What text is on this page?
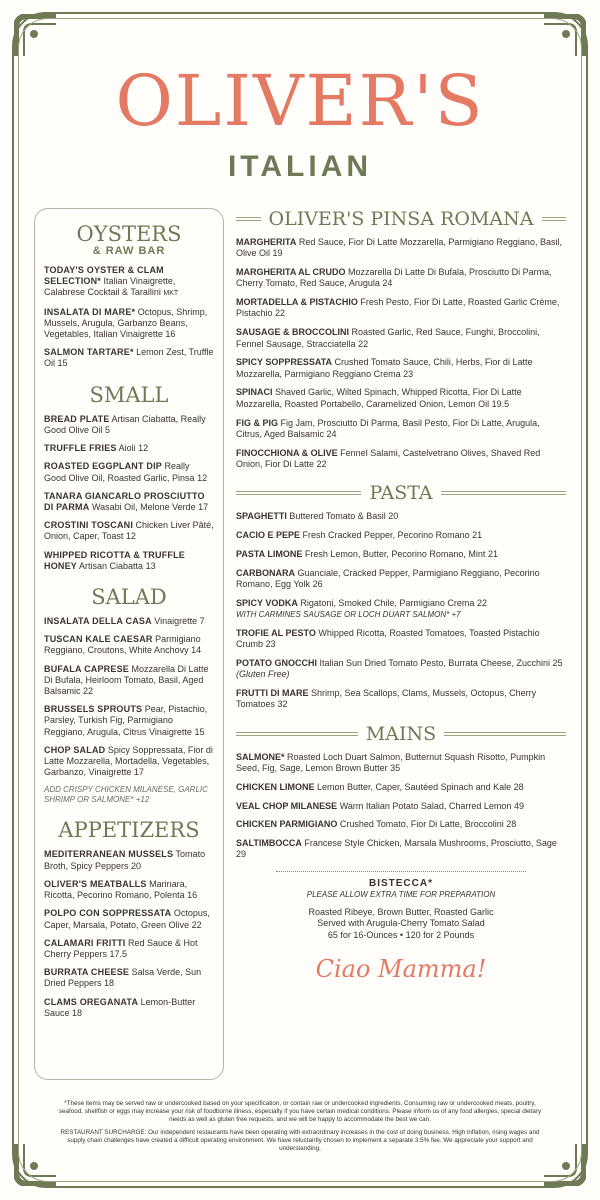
OLIVER'S
ITALIAN
OYSTERS
& RAW BAR
TODAY'S OYSTER & CLAM SELECTION* Italian Vinaigrette, Calabrese Cocktail & Tarallini MKT
INSALATA DI MARE* Octopus, Shrimp, Mussels, Arugula, Garbanzo Beans, Vegetables, Italian Vinaigrette 16
SALMON TARTARE* Lemon Zest, Truffle Oil 15
SMALL
BREAD PLATE Artisan Ciabatta, Really Good Olive Oil 5
TRUFFLE FRIES Aioli 12
ROASTED EGGPLANT DIP Really Good Olive Oil, Roasted Garlic, Pinsa 12
TANARA GIANCARLO PROSCIUTTO DI PARMA Wasabi Oil, Melone Verde 17
CROSTINI TOSCANI Chicken Liver Pâté, Onion, Caper, Toast 12
WHIPPED RICOTTA & TRUFFLE HONEY Artisan Ciabatta 13
SALAD
INSALATA DELLA CASA Vinaigrette 7
TUSCAN KALE CAESAR Parmigiano Reggiano, Croutons, White Anchovy 14
BUFALA CAPRESE Mozzarella Di Latte Di Bufala, Heirloom Tomato, Basil, Aged Balsamic 22
BRUSSELS SPROUTS Pear, Pistachio, Parsley, Turkish Fig, Parmigiano Reggiano, Arugula, Citrus Vinaigrette 15
CHOP SALAD Spicy Soppressata, Fior di Latte Mozzarella, Mortadella, Vegetables, Garbanzo, Vinaigrette 17
ADD CRISPY CHICKEN MILANESE, GARLIC SHRIMP OR SALMONE* +12
APPETIZERS
MEDITERRANEAN MUSSELS Tomato Broth, Spicy Peppers 20
OLIVER'S MEATBALLS Marinara, Ricotta, Pecorino Romano, Polenta 16
POLPO CON SOPPRESSATA Octopus, Caper, Marsala, Potato, Green Olive 22
CALAMARI FRITTI Red Sauce & Hot Cherry Peppers 17.5
BURRATA CHEESE Salsa Verde, Sun Dried Peppers 18
CLAMS OREGANATA Lemon-Butter Sauce 18
OLIVER'S PINSA ROMANA
MARGHERITA Red Sauce, Fior Di Latte Mozzarella, Parmigiano Reggiano, Basil, Olive Oil 19
MARGHERITA AL CRUDO Mozzarella Di Latte Di Bufala, Prosciutto Di Parma, Cherry Tomato, Red Sauce, Arugula 24
MORTADELLA & PISTACHIO Fresh Pesto, Fior Di Latte, Roasted Garlic Crème, Pistachio 22
SAUSAGE & BROCCOLINI Roasted Garlic, Red Sauce, Funghi, Broccolini, Fennel Sausage, Stracciatella 22
SPICY SOPPRESSATA Crushed Tomato Sauce, Chili, Herbs, Fior di Latte Mozzarella, Parmigiano Reggiano Crema 23
SPINACI Shaved Garlic, Wilted Spinach, Whipped Ricotta, Fior Di Latte Mozzarella, Roasted Portabello, Caramelized Onion, Lemon Oil 19.5
FIG & PIG Fig Jam, Prosciutto Di Parma, Basil Pesto, Fior Di Latte, Arugula, Citrus, Aged Balsamic 24
FINOCCHIONA & OLIVE Fennel Salami, Castelvetrano Olives, Shaved Red Onion, Fior Di Latte 22
PASTA
SPAGHETTI Buttered Tomato & Basil 20
CACIO E PEPE Fresh Cracked Pepper, Pecorino Romano 21
PASTA LIMONE Fresh Lemon, Butter, Pecorino Romano, Mint 21
CARBONARA Guanciale, Cracked Pepper, Parmigiano Reggiano, Pecorino Romano, Egg Yolk 26
SPICY VODKA Rigatoni, Smoked Chile, Parmigiano Crema 22
WITH CARMINES SAUSAGE OR LOCH DUART SALMON* +7
TROFIE AL PESTO Whipped Ricotta, Roasted Tomatoes, Toasted Pistachio Crumb 23
POTATO GNOCCHI Italian Sun Dried Tomato Pesto, Burrata Cheese, Zucchini 25 (Gluten Free)
FRUTTI DI MARE Shrimp, Sea Scallops, Clams, Mussels, Octopus, Cherry Tomatoes 32
MAINS
SALMONE* Roasted Loch Duart Salmon, Butternut Squash Risotto, Pumpkin Seed, Fig, Sage, Lemon Brown Butter 35
CHICKEN LIMONE Lemon Butter, Caper, Sautéed Spinach and Kale 28
VEAL CHOP MILANESE Warm Italian Potato Salad, Charred Lemon 49
CHICKEN PARMIGIANO Crushed Tomato, Fior Di Latte, Broccolini 28
SALTIMBOCCA Francese Style Chicken, Marsala Mushrooms, Prosciutto, Sage 29
BISTECCA*
PLEASE ALLOW EXTRA TIME FOR PREPARATION
Roasted Ribeye, Brown Butter, Roasted Garlic
Served with Arugula-Cherry Tomato Salad
65 for 16-Ounces • 120 for 2 Pounds
Ciao Mamma!

*These items may be served raw or undercooked based on your specification, or contain raw or undercooked ingredients. Consuming raw or undercooked meats, poultry, seafood, shellfish or eggs may increase your risk of foodborne illness, especially if you have certain medical conditions. Please inform us of any food allergies, special dietary needs as well as gluten free requests, and we will be happy to accommodate the best we can.

RESTAURANT SURCHARGE: Our independent restaurants have been operating with extraordinary increases in the cost of doing business. High inflation, rising wages and supply chain challenges have created a difficult operating environment. We have reluctantly chosen to implement a separate 3.5% fee. We appreciate your support and understanding.
